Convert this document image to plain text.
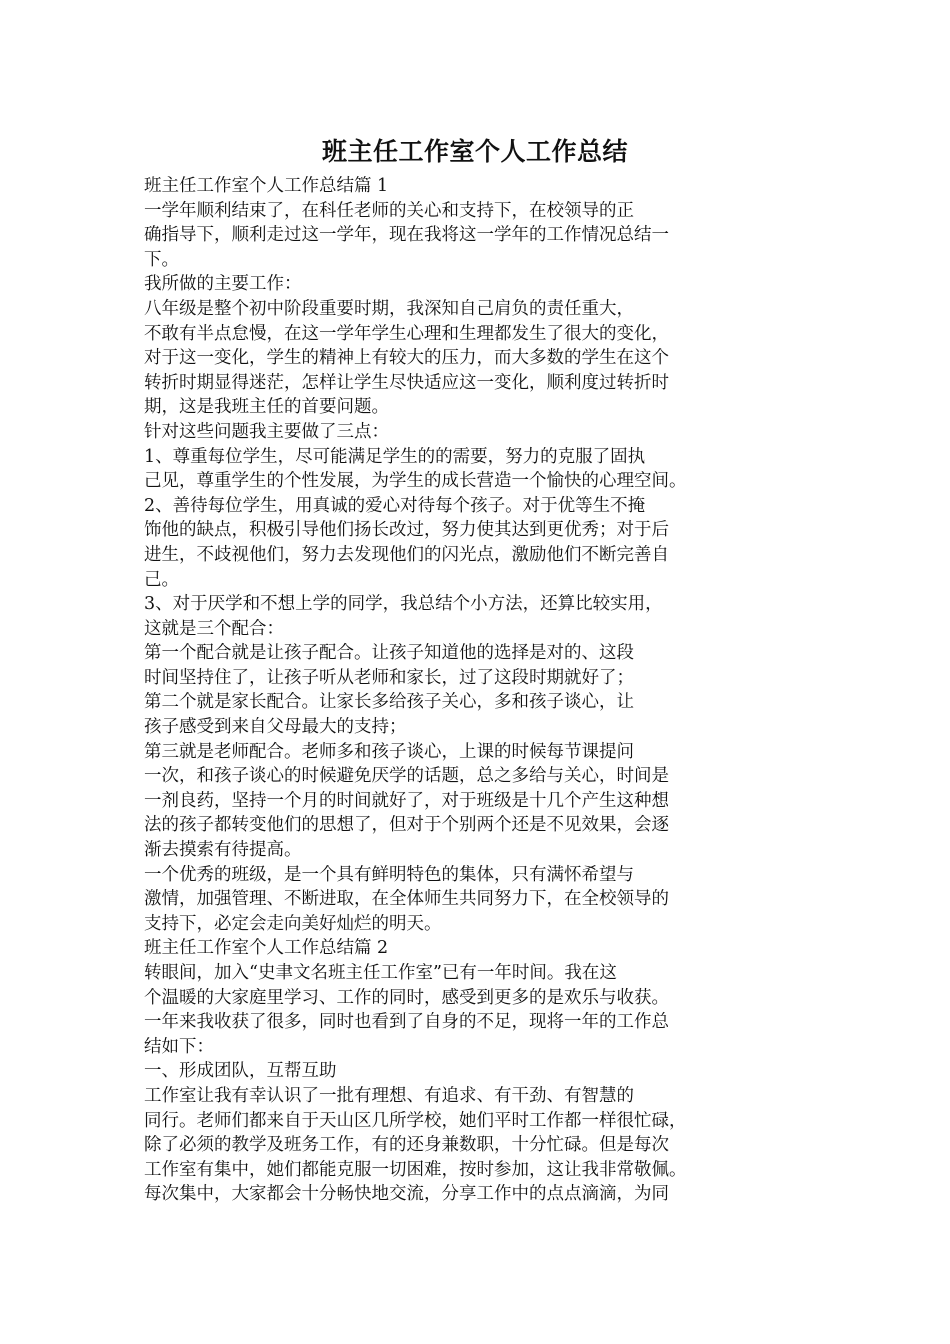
班主任工作室个人工作总结
班主任工作室个人工作总结篇 1
一学年顺利结束了，在科任老师的关心和支持下，在校领导的正
确指导下，顺利走过这一学年，现在我将这一学年的工作情况总结一
下。
我所做的主要工作：
八年级是整个初中阶段重要时期，我深知自己肩负的责任重大，
不敢有半点怠慢，在这一学年学生心理和生理都发生了很大的变化，
对于这一变化，学生的精神上有较大的压力，而大多数的学生在这个
转折时期显得迷茫，怎样让学生尽快适应这一变化，顺利度过转折时
期，这是我班主任的首要问题。
针对这些问题我主要做了三点：
1、尊重每位学生，尽可能满足学生的的需要，努力的克服了固执
己见，尊重学生的个性发展，为学生的成长营造一个愉快的心理空间。
2、善待每位学生，用真诚的爱心对待每个孩子。对于优等生不掩
饰他的缺点，积极引导他们扬长改过，努力使其达到更优秀；对于后
进生，不歧视他们，努力去发现他们的闪光点，激励他们不断完善自
己。
3、对于厌学和不想上学的同学，我总结个小方法，还算比较实用，
这就是三个配合：
第一个配合就是让孩子配合。让孩子知道他的选择是对的、这段
时间坚持住了，让孩子听从老师和家长，过了这段时期就好了；
第二个就是家长配合。让家长多给孩子关心，多和孩子谈心，让
孩子感受到来自父母最大的支持；
第三就是老师配合。老师多和孩子谈心，上课的时候每节课提问
一次，和孩子谈心的时候避免厌学的话题，总之多给与关心，时间是
一剂良药，坚持一个月的时间就好了，对于班级是十几个产生这种想
法的孩子都转变他们的思想了，但对于个别两个还是不见效果，会逐
渐去摸索有待提高。
一个优秀的班级，是一个具有鲜明特色的集体，只有满怀希望与
激情，加强管理、不断进取，在全体师生共同努力下，在全校领导的
支持下，必定会走向美好灿烂的明天。
班主任工作室个人工作总结篇 2
转眼间，加入“史聿文名班主任工作室”已有一年时间。我在这
个温暖的大家庭里学习、工作的同时，感受到更多的是欢乐与收获。
一年来我收获了很多，同时也看到了自身的不足，现将一年的工作总
结如下：
一、形成团队，互帮互助
工作室让我有幸认识了一批有理想、有追求、有干劲、有智慧的
同行。老师们都来自于天山区几所学校，她们平时工作都一样很忙碌，
除了必须的教学及班务工作，有的还身兼数职，十分忙碌。但是每次
工作室有集中，她们都能克服一切困难，按时参加，这让我非常敬佩。
每次集中，大家都会十分畅快地交流，分享工作中的点点滴滴，为同
